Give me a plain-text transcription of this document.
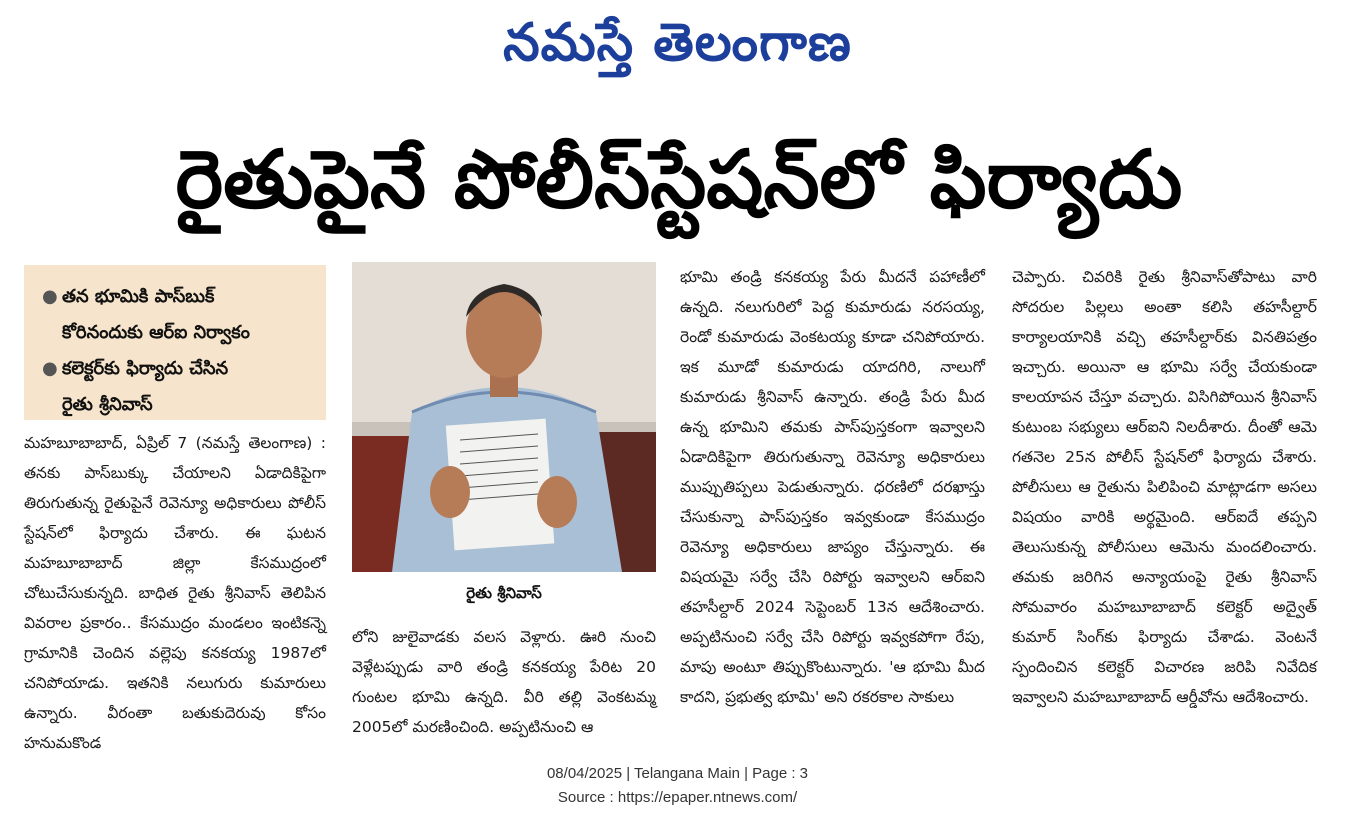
నమస్తే తెలంగాణ
రైతుపైనే పోలీస్‌స్టేషన్‌లో ఫిర్యాదు
● తన భూమికి పాస్‌బుక్
కోరినందుకు ఆర్‌ఐ నిర్వాకం
● కలెక్టర్‌కు ఫిర్యాదు చేసిన
రైతు శ్రీనివాస్

మహబూబాబాద్, ఏప్రిల్ 7 (నమస్తే తెలంగాణ) : తనకు పాస్‌బుక్కు చేయాలని ఏడాదికిపైగా తిరుగుతున్న రైతుపైనే రెవెన్యూ అధికారులు పోలీస్ స్టేషన్‌లో ఫిర్యాదు చేశారు. ఈ ఘటన మహబూబాబాద్ జిల్లా కేసముద్రంలో చోటుచేసుకున్నది. బాధిత రైతు శ్రీనివాస్ తెలిపిన వివరాల ప్రకారం.. కేసముద్రం మండలం ఇంటికన్నె గ్రామానికి చెందిన వల్లెపు కనకయ్య 1987లో చనిపోయాడు. ఇతనికి నలుగురు కుమారులు ఉన్నారు. వీరంతా బతుకుదెరువు కోసం హనుమకొండ

రైతు శ్రీనివాస్

లోని జులైవాడకు వలస వెళ్లారు. ఊరి నుంచి వెళ్లేటప్పుడు వారి తండ్రి కనకయ్య పేరిట 20 గుంటల భూమి ఉన్నది. వీరి తల్లి వెంకటమ్మ 2005లో మరణించింది. అప్పటినుంచి ఆ

భూమి తండ్రి కనకయ్య పేరు మీదనే పహాణీలో ఉన్నది. నలుగురిలో పెద్ద కుమారుడు నరసయ్య, రెండో కుమారుడు వెంకటయ్య కూడా చనిపోయారు. ఇక మూడో కుమారుడు యాదగిరి, నాలుగో కుమారుడు శ్రీనివాస్ ఉన్నారు. తండ్రి పేరు మీద ఉన్న భూమిని తమకు పాస్‌పుస్తకంగా ఇవ్వాలని ఏడాదికిపైగా తిరుగుతున్నా రెవెన్యూ అధికారులు ముప్పుతిప్పలు పెడుతున్నారు. ధరణిలో దరఖాస్తు చేసుకున్నా పాస్‌పుస్తకం ఇవ్వకుండా కేసముద్రం రెవెన్యూ అధికారులు జాప్యం చేస్తున్నారు. ఈ విషయమై సర్వే చేసి రిపోర్టు ఇవ్వాలని ఆర్‌ఐని తహసీల్దార్ 2024 సెప్టెంబర్ 13న ఆదేశించారు. అప్పటినుంచి సర్వే చేసి రిపోర్టు ఇవ్వకపోగా రేపు, మాపు అంటూ తిప్పుకొంటున్నారు. 'ఆ భూమి మీద కాదని, ప్రభుత్వ భూమి' అని రకరకాల సాకులు

చెప్పారు. చివరికి రైతు శ్రీనివాస్‌తోపాటు వారి సోదరుల పిల్లలు అంతా కలిసి తహసీల్దార్ కార్యాలయానికి వచ్చి తహసీల్దార్‌కు వినతిపత్రం ఇచ్చారు. అయినా ఆ భూమి సర్వే చేయకుండా కాలయాపన చేస్తూ వచ్చారు. విసిగిపోయిన శ్రీనివాస్ కుటుంబ సభ్యులు ఆర్‌ఐని నిలదీశారు. దీంతో ఆమె గతనెల 25న పోలీస్ స్టేషన్‌లో ఫిర్యాదు చేశారు. పోలీసులు ఆ రైతును పిలిపించి మాట్లాడగా అసలు విషయం వారికి అర్థమైంది. ఆర్‌ఐదే తప్పని తెలుసుకున్న పోలీసులు ఆమెను మందలించారు. తమకు జరిగిన అన్యాయంపై రైతు శ్రీనివాస్ సోమవారం మహబూబాబాద్ కలెక్టర్ అద్వైత్ కుమార్ సింగ్‌కు ఫిర్యాదు చేశాడు. వెంటనే స్పందించిన కలెక్టర్ విచారణ జరిపి నివేదిక ఇవ్వాలని మహబూబాబాద్ ఆర్డీవోను ఆదేశించారు.

08/04/2025 | Telangana Main | Page : 3
Source : https://epaper.ntnews.com/
